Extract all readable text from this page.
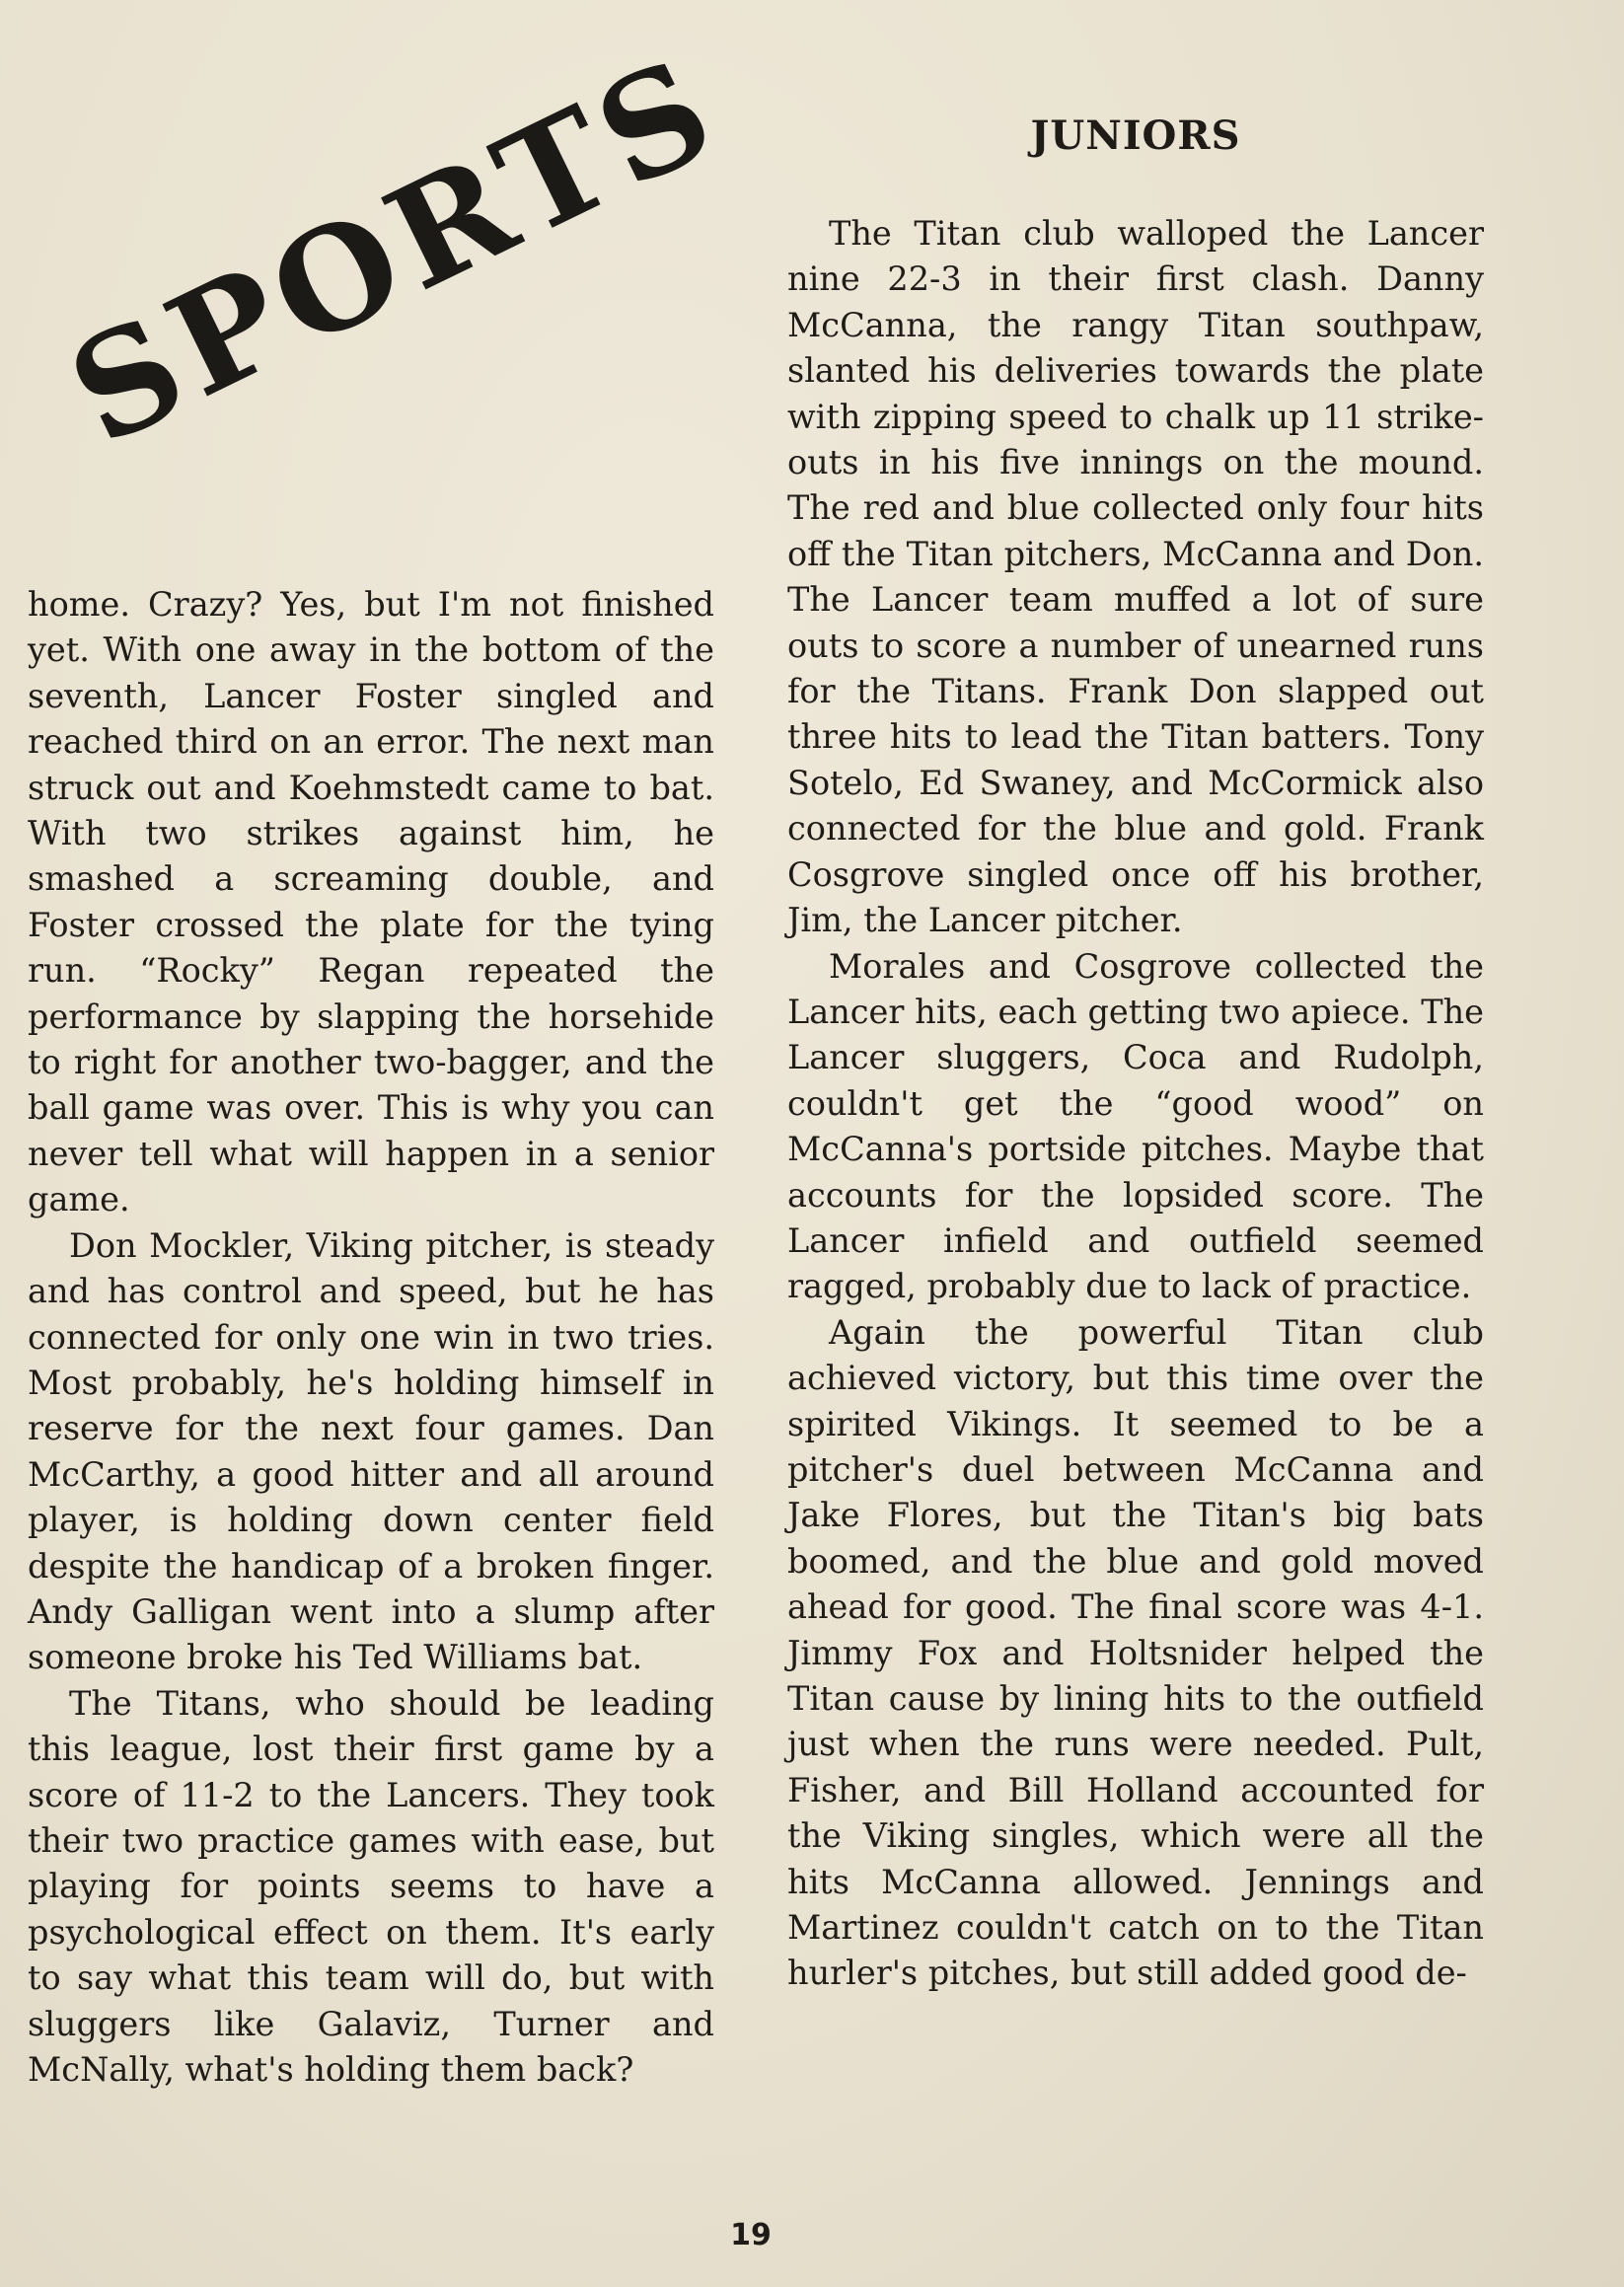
SPORTS	JUNIORS

home. Crazy? Yes, but I'm not finished yet. With one away in the bottom of the seventh, Lancer Foster singled and reached third on an error. The next man struck out and Koehmstedt came to bat. With two strikes against him, he smashed a screaming double, and Foster crossed the plate for the tying run. “Rocky” Regan repeated the performance by slapping the horsehide to right for another two-bagger, and the ball game was over. This is why you can never tell what will happen in a senior game.

Don Mockler, Viking pitcher, is steady and has control and speed, but he has connected for only one win in two tries. Most probably, he's holding himself in reserve for the next four games. Dan McCarthy, a good hitter and all around player, is holding down center field despite the handicap of a broken finger. Andy Galligan went into a slump after someone broke his Ted Williams bat.

The Titans, who should be leading this league, lost their first game by a score of 11-2 to the Lancers. They took their two practice games with ease, but playing for points seems to have a psychological effect on them. It's early to say what this team will do, but with sluggers like Galaviz, Turner and McNally, what's holding them back?

The Titan club walloped the Lancer nine 22-3 in their first clash. Danny McCanna, the rangy Titan southpaw, slanted his deliveries towards the plate with zipping speed to chalk up 11 strike-outs in his five innings on the mound. The red and blue collected only four hits off the Titan pitchers, McCanna and Don. The Lancer team muffed a lot of sure outs to score a number of unearned runs for the Titans. Frank Don slapped out three hits to lead the Titan batters. Tony Sotelo, Ed Swaney, and McCormick also connected for the blue and gold. Frank Cosgrove singled once off his brother, Jim, the Lancer pitcher.

Morales and Cosgrove collected the Lancer hits, each getting two apiece. The Lancer sluggers, Coca and Rudolph, couldn't get the “good wood” on McCanna's portside pitches. Maybe that accounts for the lopsided score. The Lancer infield and outfield seemed ragged, probably due to lack of practice.

Again the powerful Titan club achieved victory, but this time over the spirited Vikings. It seemed to be a pitcher's duel between McCanna and Jake Flores, but the Titan's big bats boomed, and the blue and gold moved ahead for good. The final score was 4-1. Jimmy Fox and Holtsnider helped the Titan cause by lining hits to the outfield just when the runs were needed. Pult, Fisher, and Bill Holland accounted for the Viking singles, which were all the hits McCanna allowed. Jennings and Martinez couldn't catch on to the Titan hurler's pitches, but still added good de-

19
